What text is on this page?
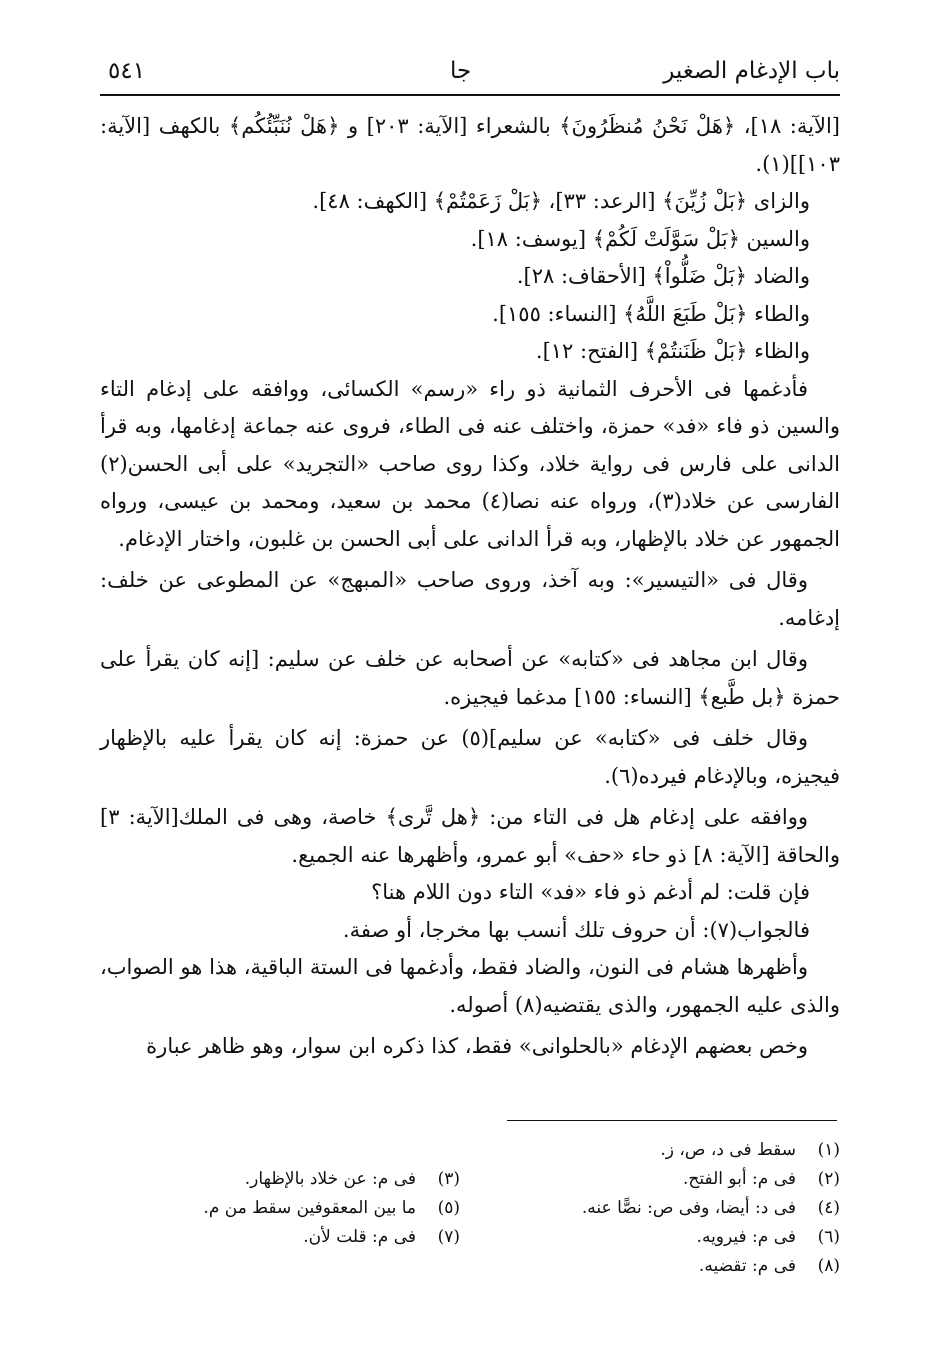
باب الإدغام الصغير
جا
٥٤١

[الآية: ١٨]، ﴿هَلْ نَحْنُ مُنظَرُونَ﴾ بالشعراء [الآية: ٢٠٣] و ﴿هَلْ نُنَبِّئُكُم﴾ بالكهف [الآية: ١٠٣]](١).

والزاى ﴿بَلْ زُيِّنَ﴾ [الرعد: ٣٣]، ﴿بَلْ زَعَمْتُمْ﴾ [الكهف: ٤٨].

والسين ﴿بَلْ سَوَّلَتْ لَكُمْ﴾ [يوسف: ١٨].

والضاد ﴿بَلْ ضَلُّواْ﴾ [الأحقاف: ٢٨].

والطاء ﴿بَلْ طَبَعَ اللَّهُ﴾ [النساء: ١٥٥].

والظاء ﴿بَلْ ظَنَنتُمْ﴾ [الفتح: ١٢].

فأدغمها فى الأحرف الثمانية ذو راء «رسم» الكسائى، ووافقه على إدغام التاء والسين ذو فاء «فد» حمزة، واختلف عنه فى الطاء، فروى عنه جماعة إدغامها، وبه قرأ الدانى على فارس فى رواية خلاد، وكذا روى صاحب «التجريد» على أبى الحسن(٢) الفارسى عن خلاد(٣)، ورواه عنه نصا(٤) محمد بن سعيد، ومحمد بن عيسى، ورواه الجمهور عن خلاد بالإظهار، وبه قرأ الدانى على أبى الحسن بن غلبون، واختار الإدغام.

وقال فى «التيسير»: وبه آخذ، وروى صاحب «المبهج» عن المطوعى عن خلف: إدغامه.

وقال ابن مجاهد فى «كتابه» عن أصحابه عن خلف عن سليم: [إنه كان يقرأ على حمزة ﴿بل طَّبع﴾ [النساء: ١٥٥] مدغما فيجيزه.

وقال خلف فى «كتابه» عن سليم](٥) عن حمزة: إنه كان يقرأ عليه بالإظهار فيجيزه، وبالإدغام فيرده(٦).

ووافقه على إدغام هل فى التاء من: ﴿هل تَّرى﴾ خاصة، وهى فى الملك[الآية: ٣] والحاقة [الآية: ٨] ذو حاء «حف» أبو عمرو، وأظهرها عنه الجميع.

فإن قلت: لم أدغم ذو فاء «فد» التاء دون اللام هنا؟

فالجواب(٧): أن حروف تلك أنسب بها مخرجا، أو صفة.

وأظهرها هشام فى النون، والضاد فقط، وأدغمها فى الستة الباقية، هذا هو الصواب، والذى عليه الجمهور، والذى يقتضيه(٨) أصوله.

وخص بعضهم الإدغام «بالحلوانى» فقط، كذا ذكره ابن سوار، وهو ظاهر عبارة

(١)سقط فى د، ص، ز.
(٢)فى م: أبو الفتح.
(٤)فى د: أيضا، وفى ص: نصًّا عنه.
(٦)فى م: فيرويه.
(٨)فى م: تقضيه.
(٣)فى م: عن خلاد بالإظهار.
(٥)ما بين المعقوفين سقط من م.
(٧)فى م: قلت لأن.
